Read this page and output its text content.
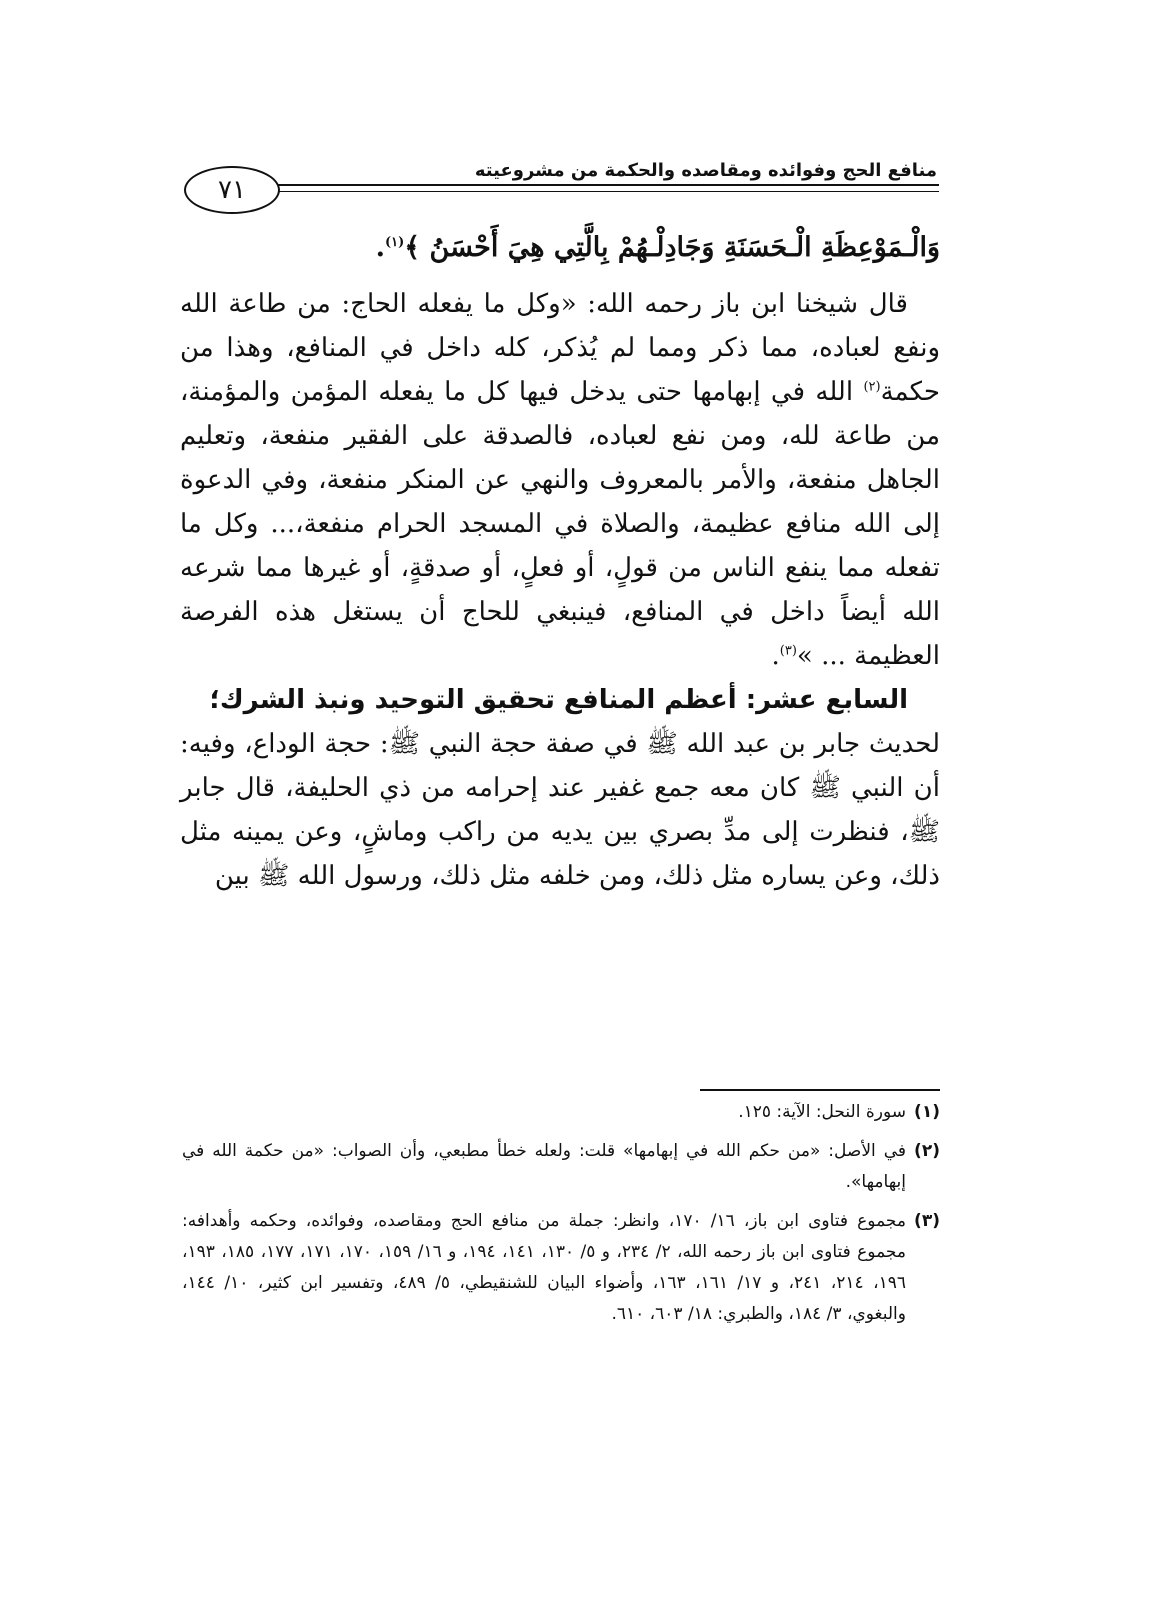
منافع الحج وفوائده ومقاصده والحكمة من مشروعيته
٧١
وَالْـمَوْعِظَةِ الْـحَسَنَةِ وَجَادِلْـهُمْ بِالَّتِي هِيَ أَحْسَنُ ﴾$^{(١)}$.
قال شيخنا ابن باز رحمه الله: «وكل ما يفعله الحاج: من طاعة الله ونفع لعباده، مما ذكر ومما لم يُذكر، كله داخل في المنافع، وهذا من حكمة$^{(٢)}$ الله في إبهامها حتى يدخل فيها كل ما يفعله المؤمن والمؤمنة، من طاعة لله، ومن نفع لعباده، فالصدقة على الفقير منفعة، وتعليم الجاهل منفعة، والأمر بالمعروف والنهي عن المنكر منفعة، وفي الدعوة إلى الله منافع عظيمة، والصلاة في المسجد الحرام منفعة،... وكل ما تفعله مما ينفع الناس من قولٍ، أو فعلٍ، أو صدقةٍ، أو غيرها مما شرعه الله أيضاً داخل في المنافع، فينبغي للحاج أن يستغل هذه الفرصة العظيمة ... »$^{(٣)}$.
السابع عشر: أعظم المنافع تحقيق التوحيد ونبذ الشرك؛
لحديث جابر بن عبد الله ﷺ في صفة حجة النبي ﷺ: حجة الوداع، وفيه: أن النبي ﷺ كان معه جمع غفير عند إحرامه من ذي الحليفة، قال جابر ﷺ، فنظرت إلى مدِّ بصري بين يديه من راكب وماشٍ، وعن يمينه مثل ذلك، وعن يساره مثل ذلك، ومن خلفه مثل ذلك، ورسول الله ﷺ بين
(١)
سورة النحل: الآية: ١٢٥.
(٢)
في الأصل: «من حكم الله في إبهامها» قلت: ولعله خطأ مطبعي، وأن الصواب: «من حكمة الله في إبهامها».
(٣)
مجموع فتاوى ابن باز، ١٦/ ١٧٠، وانظر: جملة من منافع الحج ومقاصده، وفوائده، وحكمه وأهدافه: مجموع فتاوى ابن باز رحمه الله، ٢/ ٢٣٤، و ٥/ ١٣٠، ١٤١، ١٩٤، و ١٦/ ١٥٩، ١٧٠، ١٧١، ١٧٧، ١٨٥، ١٩٣، ١٩٦، ٢١٤، ٢٤١، و ١٧/ ١٦١، ١٦٣، وأضواء البيان للشنقيطي، ٥/ ٤٨٩، وتفسير ابن كثير، ١٠/ ١٤٤، والبغوي، ٣/ ١٨٤، والطبري: ١٨/ ٦٠٣، ٦١٠.
